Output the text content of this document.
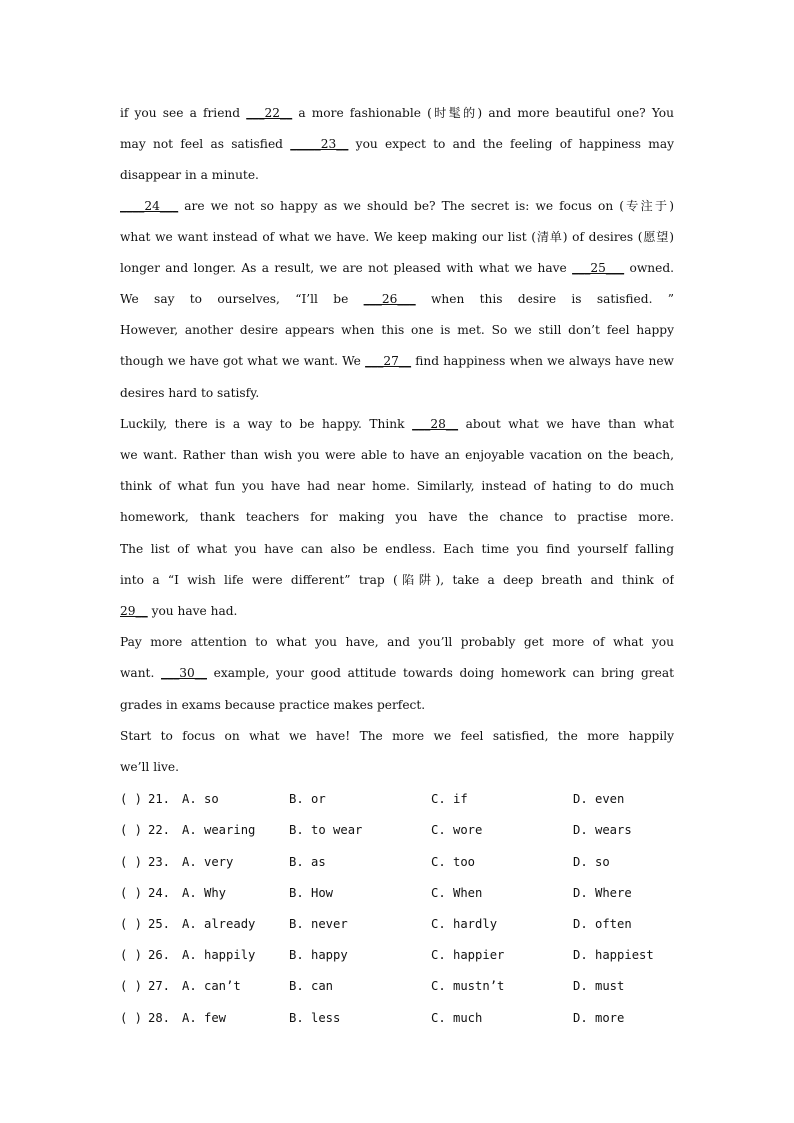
if you see a friend ___22__ a more fashionable (时髦的) and more beautiful one? You
may not feel as satisfied _____23__ you expect to and the feeling of happiness may
disappear in a minute.
____24___ are we not so happy as we should be? The secret is: we focus on (专注于)
what we want instead of what we have. We keep making our list (清单) of desires (愿望)
longer and longer. As a result, we are not pleased with what we have ___25___ owned.
We say to ourselves, “I’ll be ___26___ when this desire is satisfied. ”
However, another desire appears when this one is met. So we still don’t feel happy
though we have got what we want. We ___27__ find happiness when we always have new
desires hard to satisfy.
Luckily, there is a way to be happy. Think ___28__ about what we have than what
we want. Rather than wish you were able to have an enjoyable vacation on the beach,
think of what fun you have had near home. Similarly, instead of hating to do much
homework, thank teachers for making you have the chance to practise more.
The list of what you have can also be endless. Each time you find yourself falling
into a “I wish life were different” trap (陷阱), take a deep breath and think of
29__ you have had.
Pay more attention to what you have, and you’ll probably get more of what you
want. ___30__ example, your good attitude towards doing homework can bring great
grades in exams because practice makes perfect.
Start to focus on what we have! The more we feel satisfied, the more happily
we’ll live.
( ) 21. A. so	B. or	C. if	D. even
( ) 22. A. wearing	B. to wear	C. wore	D. wears
( ) 23. A. very	B. as	C. too	D. so
( ) 24. A. Why	B. How	C. When	D. Where
( ) 25. A. already	B. never	C. hardly	D. often
( ) 26. A. happily	B. happy	C. happier	D. happiest
( ) 27. A. can’t	B. can	C. mustn’t	D. must
( ) 28. A. few	B. less	C. much	D. more
